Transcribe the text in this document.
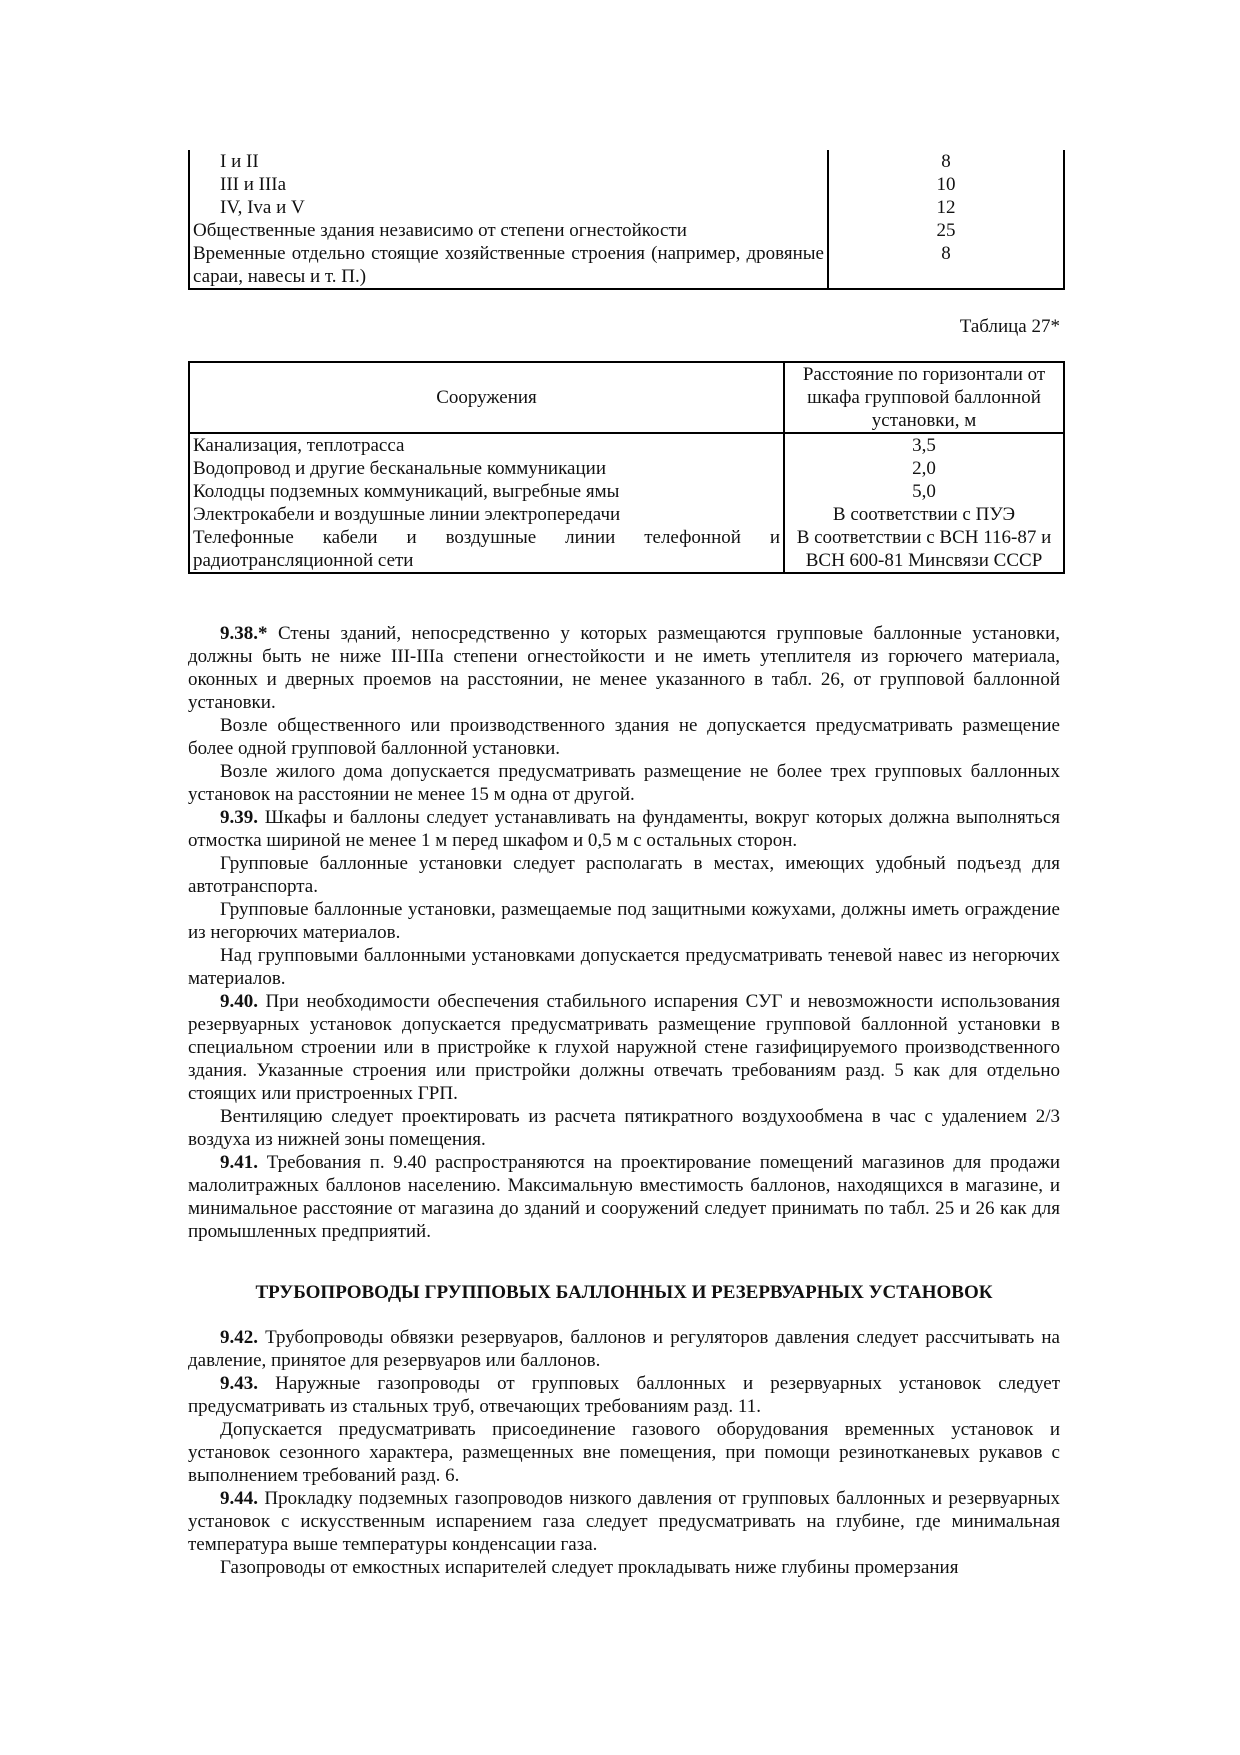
I и II	8
III и IIIa	10
IV, Iva и V	12
Общественные здания независимо от степени огнестойкости	25
Временные отдельно стоящие хозяйственные строения (например, дровяные сараи, навесы и т. П.)	8
Таблица 27*
Сооружения	Расстояние по горизонтали от шкафа групповой баллонной установки, м
Канализация, теплотрасса	3,5
Водопровод и другие бесканальные коммуникации	2,0
Колодцы подземных коммуникаций, выгребные ямы	5,0
Электрокабели и воздушные линии электропередачи	В соответствии с ПУЭ
Телефонные кабели и воздушные линии телефонной и радиотрансляционной сети	В соответствии с ВСН 116-87 и ВСН 600-81 Минсвязи СССР

9.38.* Стены зданий, непосредственно у которых размещаются групповые баллонные установки, должны быть не ниже III-IIIa степени огнестойкости и не иметь утеплителя из горючего материала, оконных и дверных проемов на расстоянии, не менее указанного в табл. 26, от групповой баллонной установки.

Возле общественного или производственного здания не допускается предусматривать размещение более одной групповой баллонной установки.

Возле жилого дома допускается предусматривать размещение не более трех групповых баллонных установок на расстоянии не менее 15 м одна от другой.

9.39. Шкафы и баллоны следует устанавливать на фундаменты, вокруг которых должна выполняться отмостка шириной не менее 1 м перед шкафом и 0,5 м с остальных сторон.

Групповые баллонные установки следует располагать в местах, имеющих удобный подъезд для автотранспорта.

Групповые баллонные установки, размещаемые под защитными кожухами, должны иметь ограждение из негорючих материалов.

Над групповыми баллонными установками допускается предусматривать теневой навес из негорючих материалов.

9.40. При необходимости обеспечения стабильного испарения СУГ и невозможности использования резервуарных установок допускается предусматривать размещение групповой баллонной установки в специальном строении или в пристройке к глухой наружной стене газифицируемого производственного здания. Указанные строения или пристройки должны отвечать требованиям разд. 5 как для отдельно стоящих или пристроенных ГРП.

Вентиляцию следует проектировать из расчета пятикратного воздухообмена в час с удалением 2/3 воздуха из нижней зоны помещения.

9.41. Требования п. 9.40 распространяются на проектирование помещений магазинов для продажи малолитражных баллонов населению. Максимальную вместимость баллонов, находящихся в магазине, и минимальное расстояние от магазина до зданий и сооружений следует принимать по табл. 25 и 26 как для промышленных предприятий.

ТРУБОПРОВОДЫ ГРУППОВЫХ БАЛЛОННЫХ И РЕЗЕРВУАРНЫХ УСТАНОВОК

9.42. Трубопроводы обвязки резервуаров, баллонов и регуляторов давления следует рассчитывать на давление, принятое для резервуаров или баллонов.

9.43. Наружные газопроводы от групповых баллонных и резервуарных установок следует предусматривать из стальных труб, отвечающих требованиям разд. 11.

Допускается предусматривать присоединение газового оборудования временных установок и установок сезонного характера, размещенных вне помещения, при помощи резинотканевых рукавов с выполнением требований разд. 6.

9.44. Прокладку подземных газопроводов низкого давления от групповых баллонных и резервуарных установок с искусственным испарением газа следует предусматривать на глубине, где минимальная температура выше температуры конденсации газа.

Газопроводы от емкостных испарителей следует прокладывать ниже глубины промерзания
